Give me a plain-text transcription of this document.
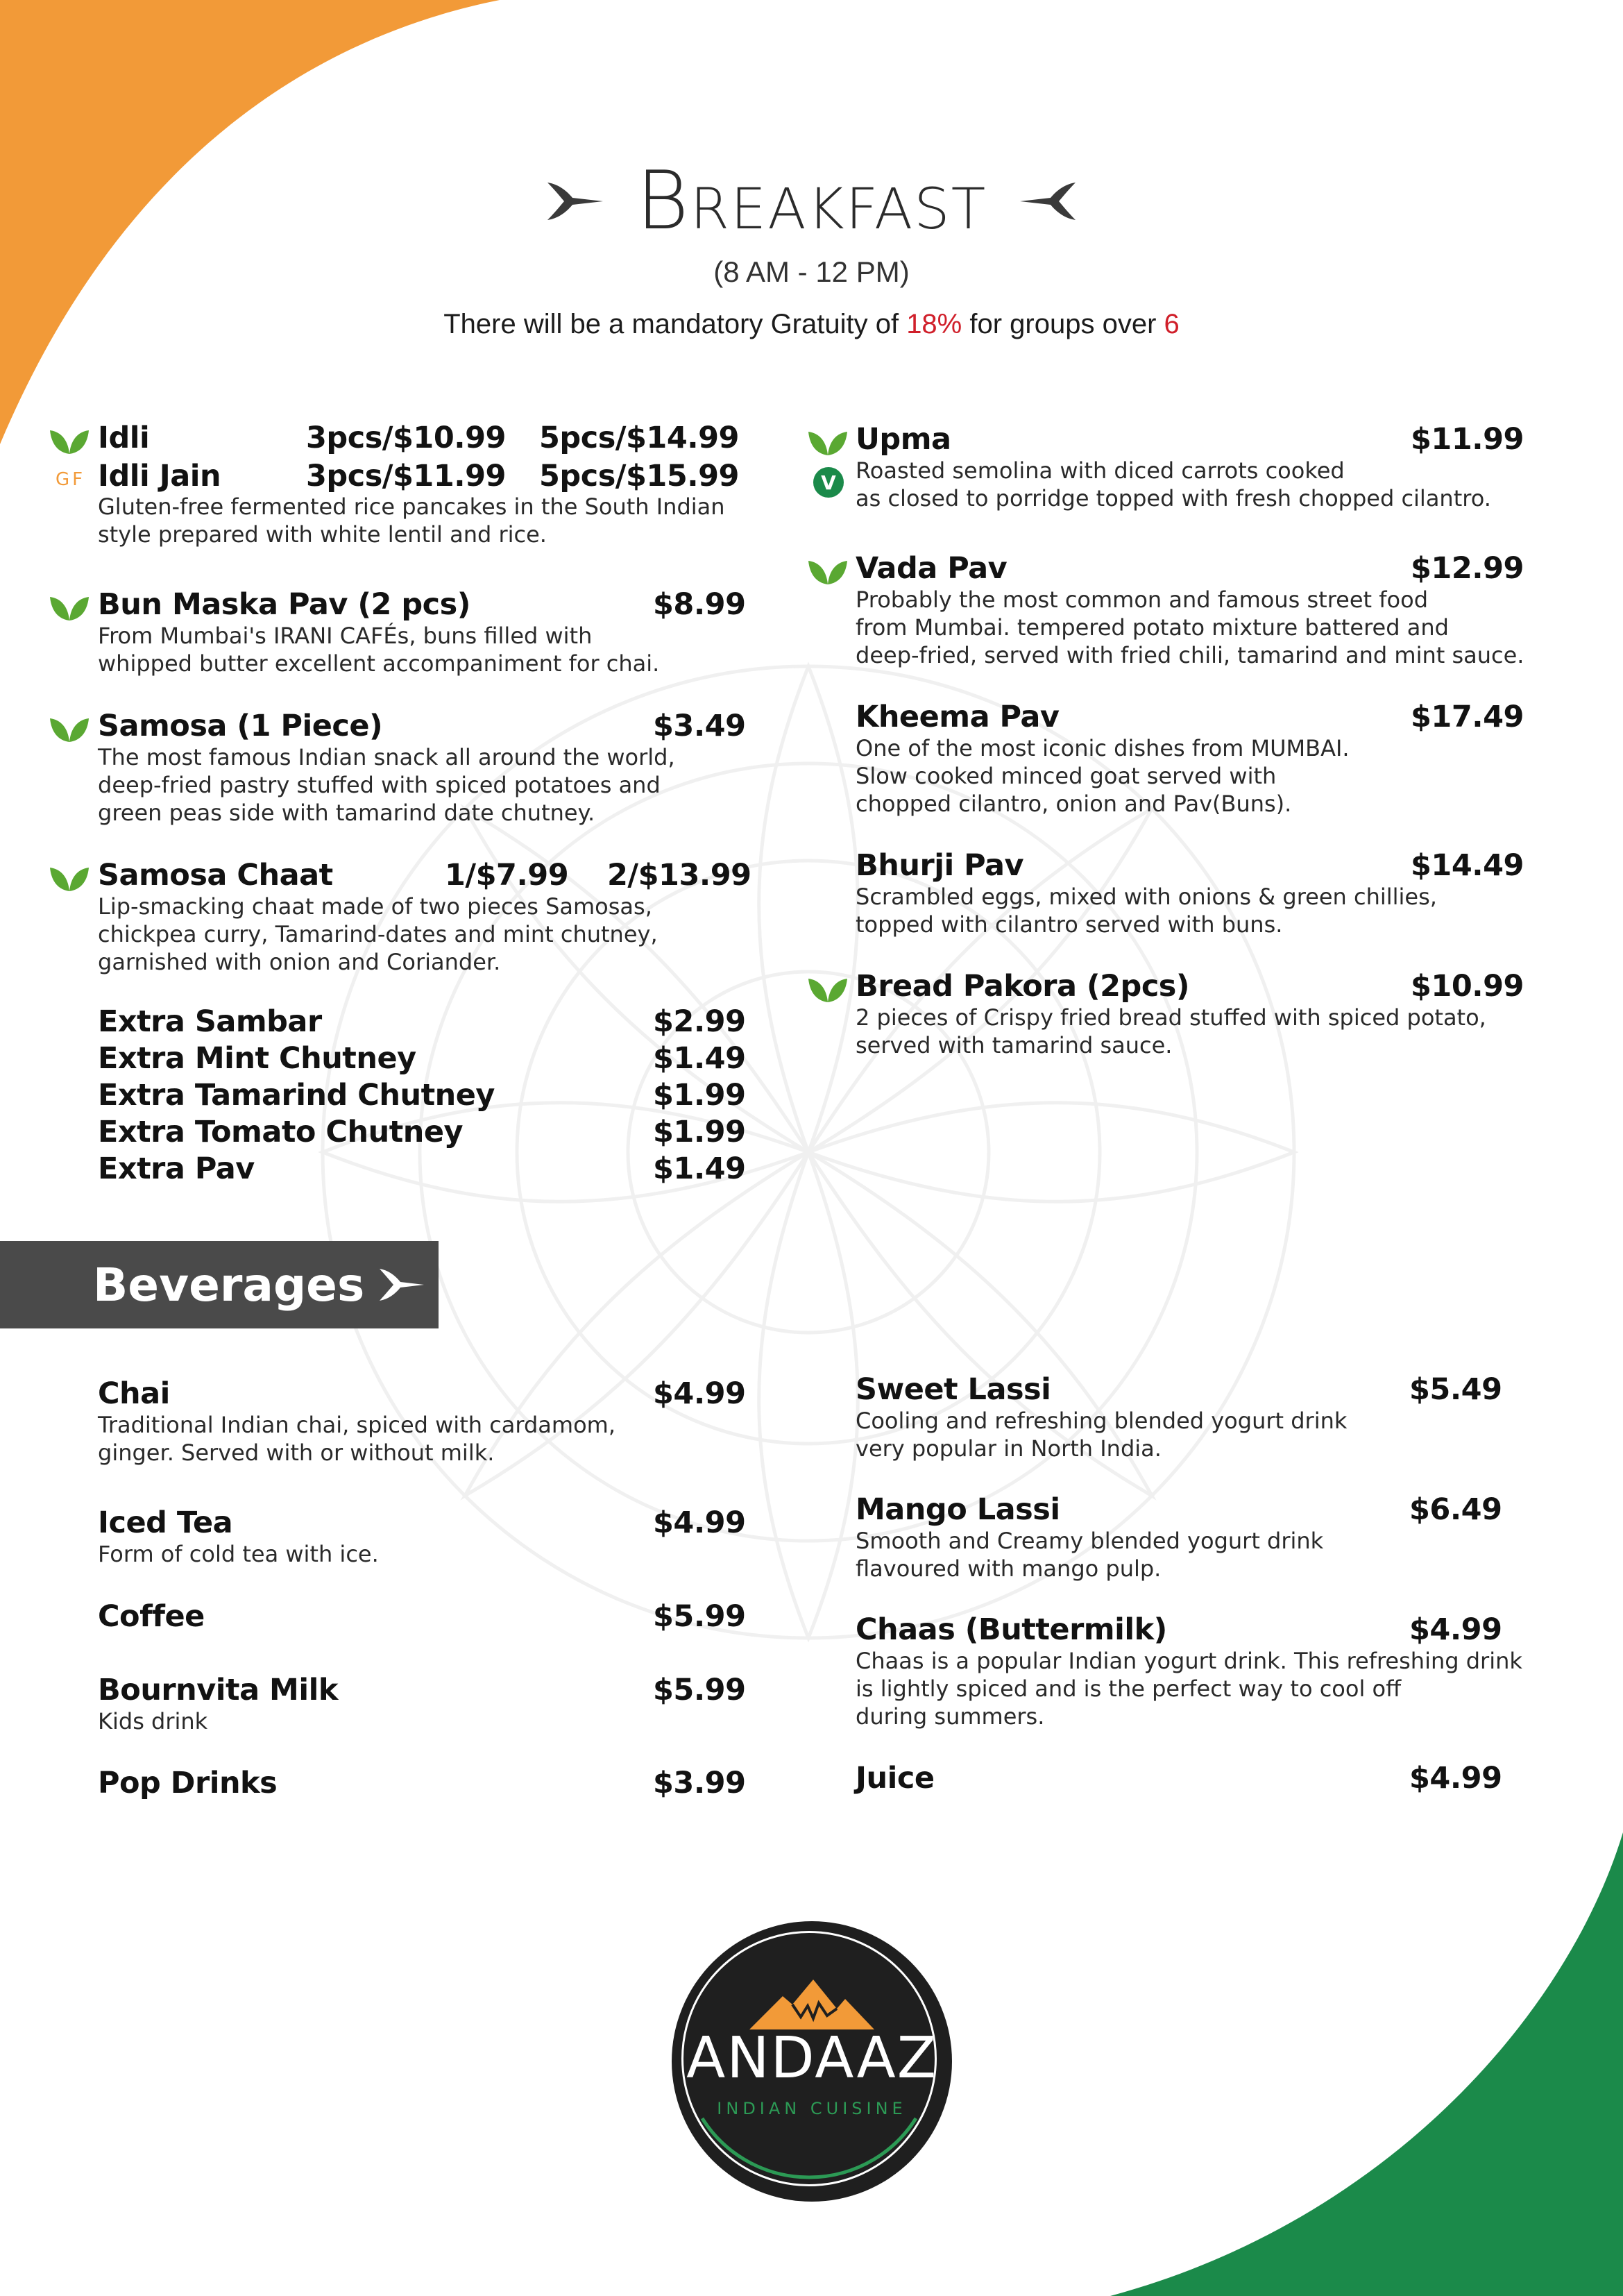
Breakfast
(8 AM - 12 PM)
There will be a mandatory Gratuity of 18% for groups over 6
Idli	3pcs/$10.99 5pcs/$14.99
GF Idli Jain	3pcs/$11.99 5pcs/$15.99
Gluten-free fermented rice pancakes in the South Indian
style prepared with white lentil and rice.
Bun Maska Pav (2 pcs)	$8.99
From Mumbai's IRANI CAFÉs, buns filled with
whipped butter excellent accompaniment for chai.
Samosa (1 Piece)	$3.49
The most famous Indian snack all around the world,
deep-fried pastry stuffed with spiced potatoes and
green peas side with tamarind date chutney.
Samosa Chaat	1/$7.99 2/$13.99
Lip-smacking chaat made of two pieces Samosas,
chickpea curry, Tamarind-dates and mint chutney,
garnished with onion and Coriander.
Extra Sambar	$2.99
Extra Mint Chutney	$1.49
Extra Tamarind Chutney	$1.99
Extra Tomato Chutney	$1.99
Extra Pav	$1.49
Upma	$11.99
V Roasted semolina with diced carrots cooked
as closed to porridge topped with fresh chopped cilantro.
Vada Pav	$12.99
Probably the most common and famous street food
from Mumbai. tempered potato mixture battered and
deep-fried, served with fried chili, tamarind and mint sauce.
Kheema Pav	$17.49
One of the most iconic dishes from MUMBAI.
Slow cooked minced goat served with
chopped cilantro, onion and Pav(Buns).
Bhurji Pav	$14.49
Scrambled eggs, mixed with onions & green chillies,
topped with cilantro served with buns.
Bread Pakora (2pcs)	$10.99
2 pieces of Crispy fried bread stuffed with spiced potato,
served with tamarind sauce.
Beverages
Chai	$4.99
Traditional Indian chai, spiced with cardamom,
ginger. Served with or without milk.
Iced Tea	$4.99
Form of cold tea with ice.
Coffee	$5.99
Bournvita Milk	$5.99
Kids drink
Pop Drinks	$3.99
Sweet Lassi	$5.49
Cooling and refreshing blended yogurt drink
very popular in North India.
Mango Lassi	$6.49
Smooth and Creamy blended yogurt drink
flavoured with mango pulp.
Chaas (Buttermilk)	$4.99
Chaas is a popular Indian yogurt drink. This refreshing drink
is lightly spiced and is the perfect way to cool off
during summers.
Juice	$4.99
ANDAAZ
INDIAN CUISINE
